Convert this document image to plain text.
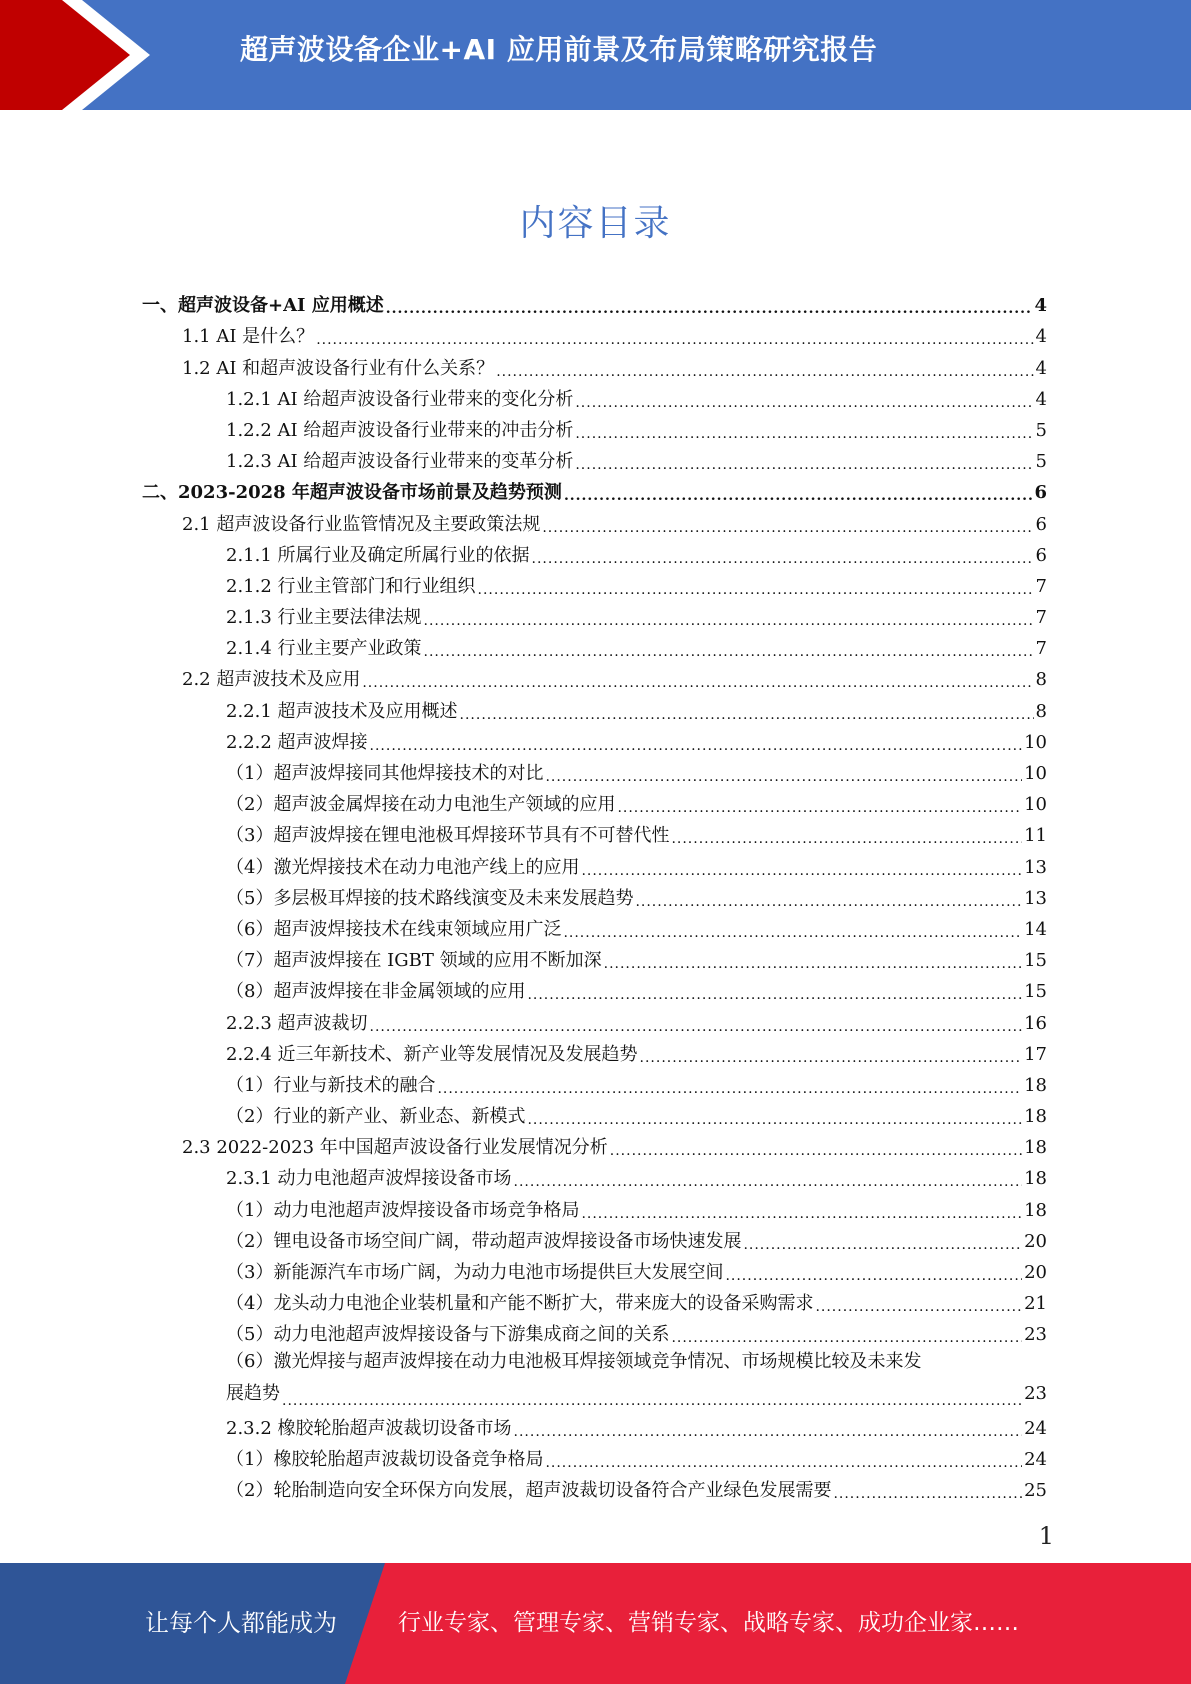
超声波设备企业+AI 应用前景及布局策略研究报告
内容目录
一、超声波设备+AI 应用概述 .....	4
1.1 AI 是什么？ .....	4
1.2 AI 和超声波设备行业有什么关系？ .....	4
1.2.1 AI 给超声波设备行业带来的变化分析 .....	4
1.2.2 AI 给超声波设备行业带来的冲击分析 .....	5
1.2.3 AI 给超声波设备行业带来的变革分析 .....	5
二、2023-2028 年超声波设备市场前景及趋势预测 .....	6
2.1 超声波设备行业监管情况及主要政策法规 .....	6
2.1.1 所属行业及确定所属行业的依据 .....	6
2.1.2 行业主管部门和行业组织 .....	7
2.1.3 行业主要法律法规 .....	7
2.1.4 行业主要产业政策 .....	7
2.2 超声波技术及应用 .....	8
2.2.1 超声波技术及应用概述 .....	8
2.2.2 超声波焊接 .....	10
（1）超声波焊接同其他焊接技术的对比 .....	10
（2）超声波金属焊接在动力电池生产领域的应用 .....	10
（3）超声波焊接在锂电池极耳焊接环节具有不可替代性 .....	11
（4）激光焊接技术在动力电池产线上的应用 .....	13
（5）多层极耳焊接的技术路线演变及未来发展趋势 .....	13
（6）超声波焊接技术在线束领域应用广泛 .....	14
（7）超声波焊接在 IGBT 领域的应用不断加深 .....	15
（8）超声波焊接在非金属领域的应用 .....	15
2.2.3 超声波裁切 .....	16
2.2.4 近三年新技术、新产业等发展情况及发展趋势 .....	17
（1）行业与新技术的融合 .....	18
（2）行业的新产业、新业态、新模式 .....	18
2.3 2022-2023 年中国超声波设备行业发展情况分析 .....	18
2.3.1 动力电池超声波焊接设备市场 .....	18
（1）动力电池超声波焊接设备市场竞争格局 .....	18
（2）锂电设备市场空间广阔，带动超声波焊接设备市场快速发展 .....	20
（3）新能源汽车市场广阔，为动力电池市场提供巨大发展空间 .....	20
（4）龙头动力电池企业装机量和产能不断扩大，带来庞大的设备采购需求 .....	21
（5）动力电池超声波焊接设备与下游集成商之间的关系 .....	23
（6）激光焊接与超声波焊接在动力电池极耳焊接领域竞争情况、市场规模比较及未来发
展趋势 .....	23
2.3.2 橡胶轮胎超声波裁切设备市场 .....	24
（1）橡胶轮胎超声波裁切设备竞争格局 .....	24
（2）轮胎制造向安全环保方向发展，超声波裁切设备符合产业绿色发展需要 .....	25
1
让每个人都能成为	行业专家、管理专家、营销专家、战略专家、成功企业家……
